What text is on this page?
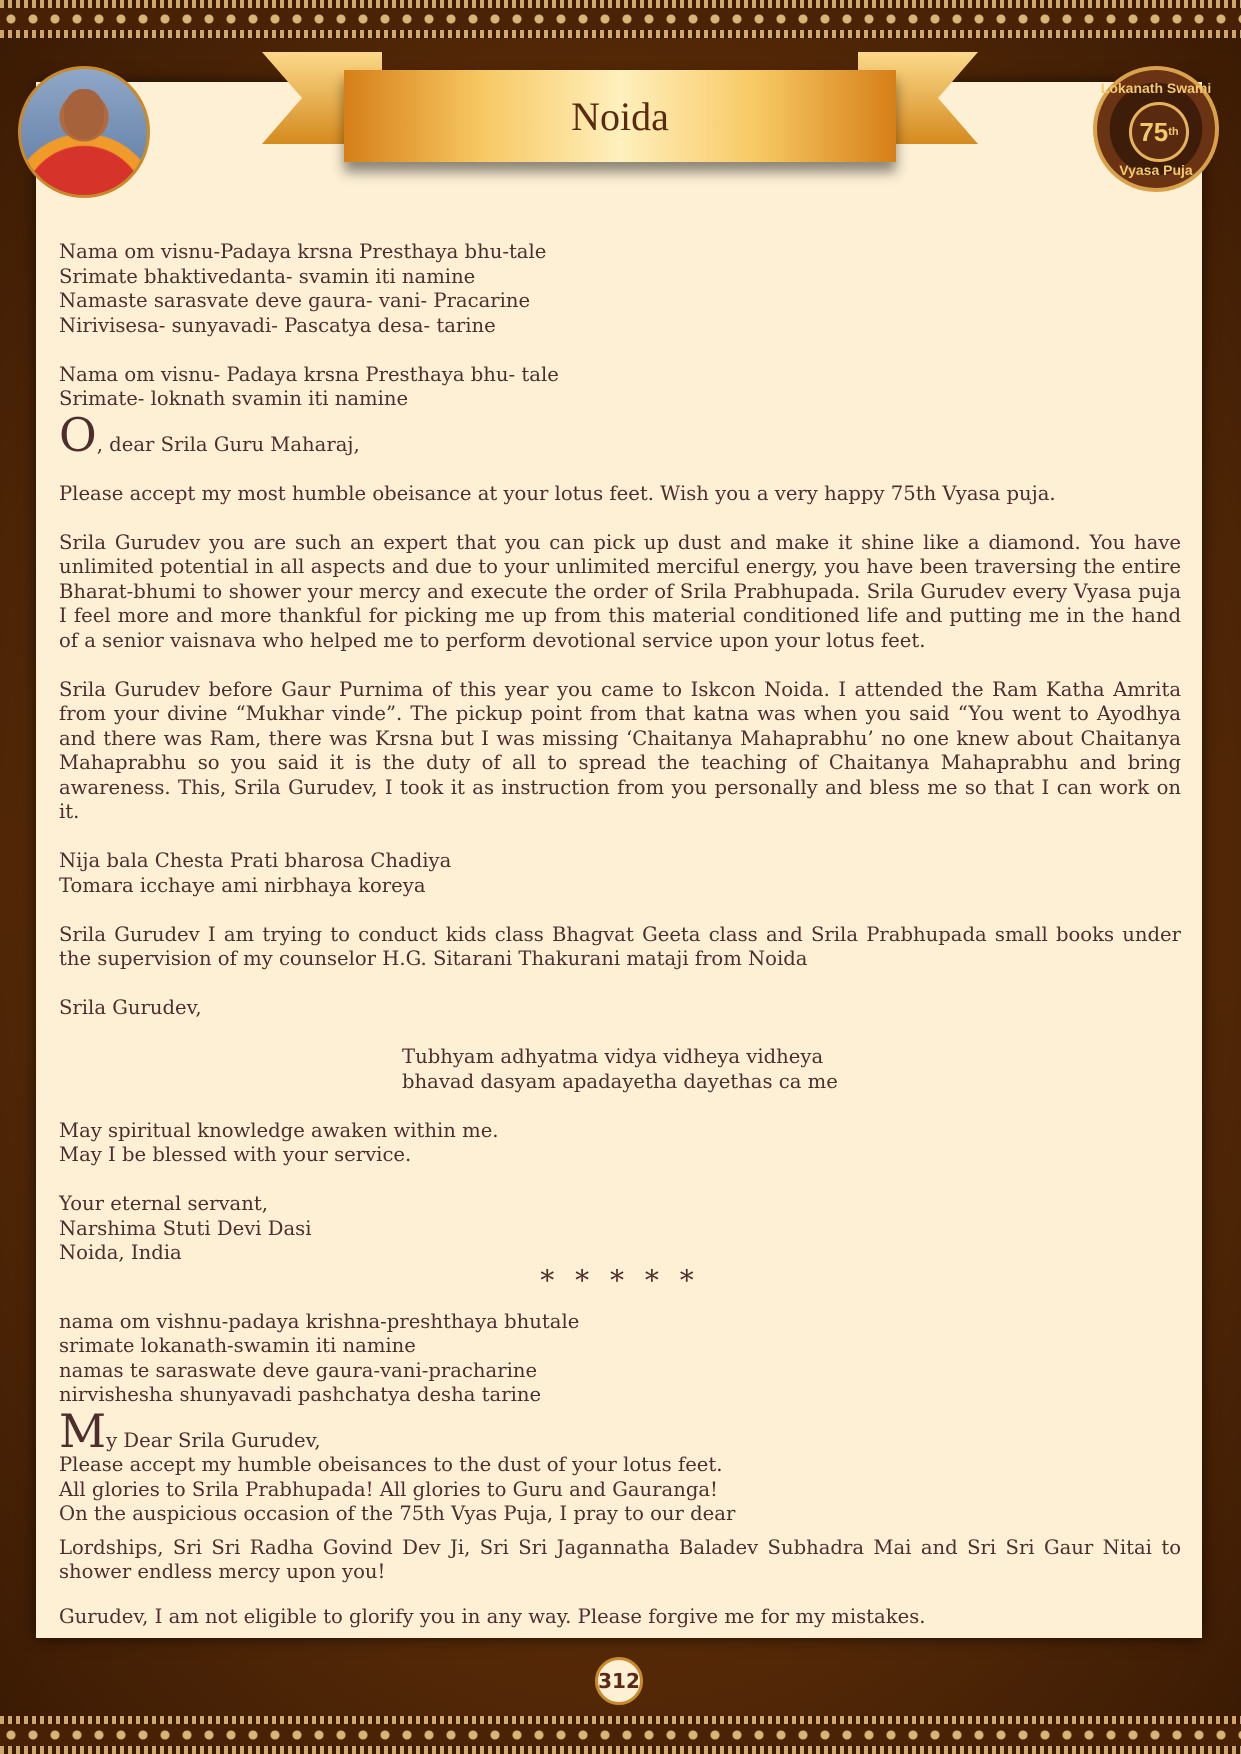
Lokanath Swami
75 th
Vyasa Puja
Noida

Nama om visnu-Padaya krsna Presthaya bhu-tale

Srimate bhaktivedanta- svamin iti namine

Namaste sarasvate deve gaura- vani- Pracarine

Nirivisesa- sunyavadi- Pascatya desa- tarine

Nama om visnu- Padaya krsna Presthaya bhu- tale

Srimate- loknath svamin iti namine

O, dear Srila Guru Maharaj,

Please accept my most humble obeisance at your lotus feet. Wish you a very happy 75th Vyasa puja.

Srila Gurudev you are such an expert that you can pick up dust and make it shine like a diamond. You have unlimited potential in all aspects and due to your unlimited merciful energy, you have been traversing the entire Bharat-bhumi to shower your mercy and execute the order of Srila Prabhupada. Srila Gurudev every Vyasa puja I feel more and more thankful for picking me up from this material conditioned life and putting me in the hand of a senior vaisnava who helped me to perform devotional service upon your lotus feet.

Srila Gurudev before Gaur Purnima of this year you came to Iskcon Noida. I attended the Ram Katha Amrita from your divine “Mukhar vinde”. The pickup point from that katna was when you said “You went to Ayodhya and there was Ram, there was Krsna but I was missing ‘Chaitanya Mahaprabhu’ no one knew about Chaitanya Mahaprabhu so you said it is the duty of all to spread the teaching of Chaitanya Mahaprabhu and bring awareness. This, Srila Gurudev, I took it as instruction from you personally and bless me so that I can work on it.

Nija bala Chesta Prati bharosa Chadiya

Tomara icchaye ami nirbhaya koreya

Srila Gurudev I am trying to conduct kids class Bhagvat Geeta class and Srila Prabhupada small books under the supervision of my counselor H.G. Sitarani Thakurani mataji from Noida

Srila Gurudev,

Tubhyam adhyatma vidya vidheya vidheya

bhavad dasyam apadayetha dayethas ca me

May spiritual knowledge awaken within me.

May I be blessed with your service.

Your eternal servant,

Narshima Stuti Devi Dasi

Noida, India

* * * * *

nama om vishnu-padaya krishna-preshthaya bhutale

srimate lokanath-swamin iti namine

namas te saraswate deve gaura-vani-pracharine

nirvishesha shunyavadi pashchatya desha tarine

My Dear Srila Gurudev,

Please accept my humble obeisances to the dust of your lotus feet.

All glories to Srila Prabhupada! All glories to Guru and Gauranga!

On the auspicious occasion of the 75th Vyas Puja, I pray to our dear

Lordships, Sri Sri Radha Govind Dev Ji, Sri Sri Jagannatha Baladev Subhadra Mai and Sri Sri Gaur Nitai to shower endless mercy upon you!

Gurudev, I am not eligible to glorify you in any way. Please forgive me for my mistakes.

312
